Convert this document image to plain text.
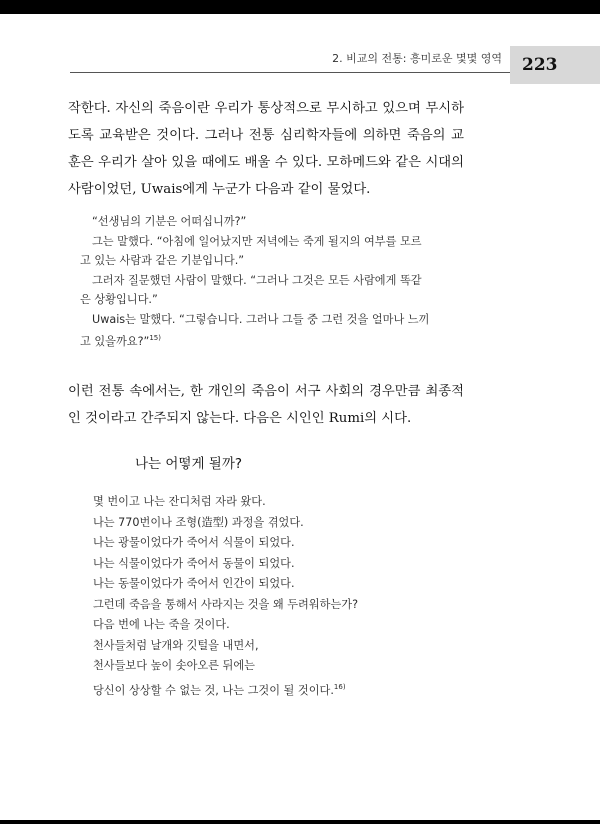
2. 비교의 전통: 흥미로운 몇몇 영역 223

작한다. 자신의 죽음이란 우리가 통상적으로 무시하고 있으며 무시하도록 교육받은 것이다. 그러나 전통 심리학자들에 의하면 죽음의 교훈은 우리가 살아 있을 때에도 배울 수 있다. 모하메드와 같은 시대의 사람이었던, Uwais에게 누군가 다음과 같이 물었다.

“선생님의 기분은 어떠십니까?”
그는 말했다. “아침에 일어났지만 저녁에는 죽게 될지의 여부를 모르
고 있는 사람과 같은 기분입니다.”
그러자 질문했던 사람이 말했다. “그러나 그것은 모든 사람에게 똑같
은 상황입니다.”
Uwais는 말했다. “그렇습니다. 그러나 그들 중 그런 것을 얼마나 느끼
고 있을까요?”$^{15)}$

이런 전통 속에서는, 한 개인의 죽음이 서구 사회의 경우만큼 최종적인 것이라고 간주되지 않는다. 다음은 시인인 Rumi의 시다.

나는 어떻게 될까?
몇 번이고 나는 잔디처럼 자라 왔다.
나는 770번이나 조형(造型) 과정을 겪었다.
나는 광물이었다가 죽어서 식물이 되었다.
나는 식물이었다가 죽어서 동물이 되었다.
나는 동물이었다가 죽어서 인간이 되었다.
그런데 죽음을 통해서 사라지는 것을 왜 두려워하는가?
다음 번에 나는 죽을 것이다.
천사들처럼 날개와 깃털을 내면서,
천사들보다 높이 솟아오른 뒤에는
당신이 상상할 수 없는 것, 나는 그것이 될 것이다.$^{16)}$
